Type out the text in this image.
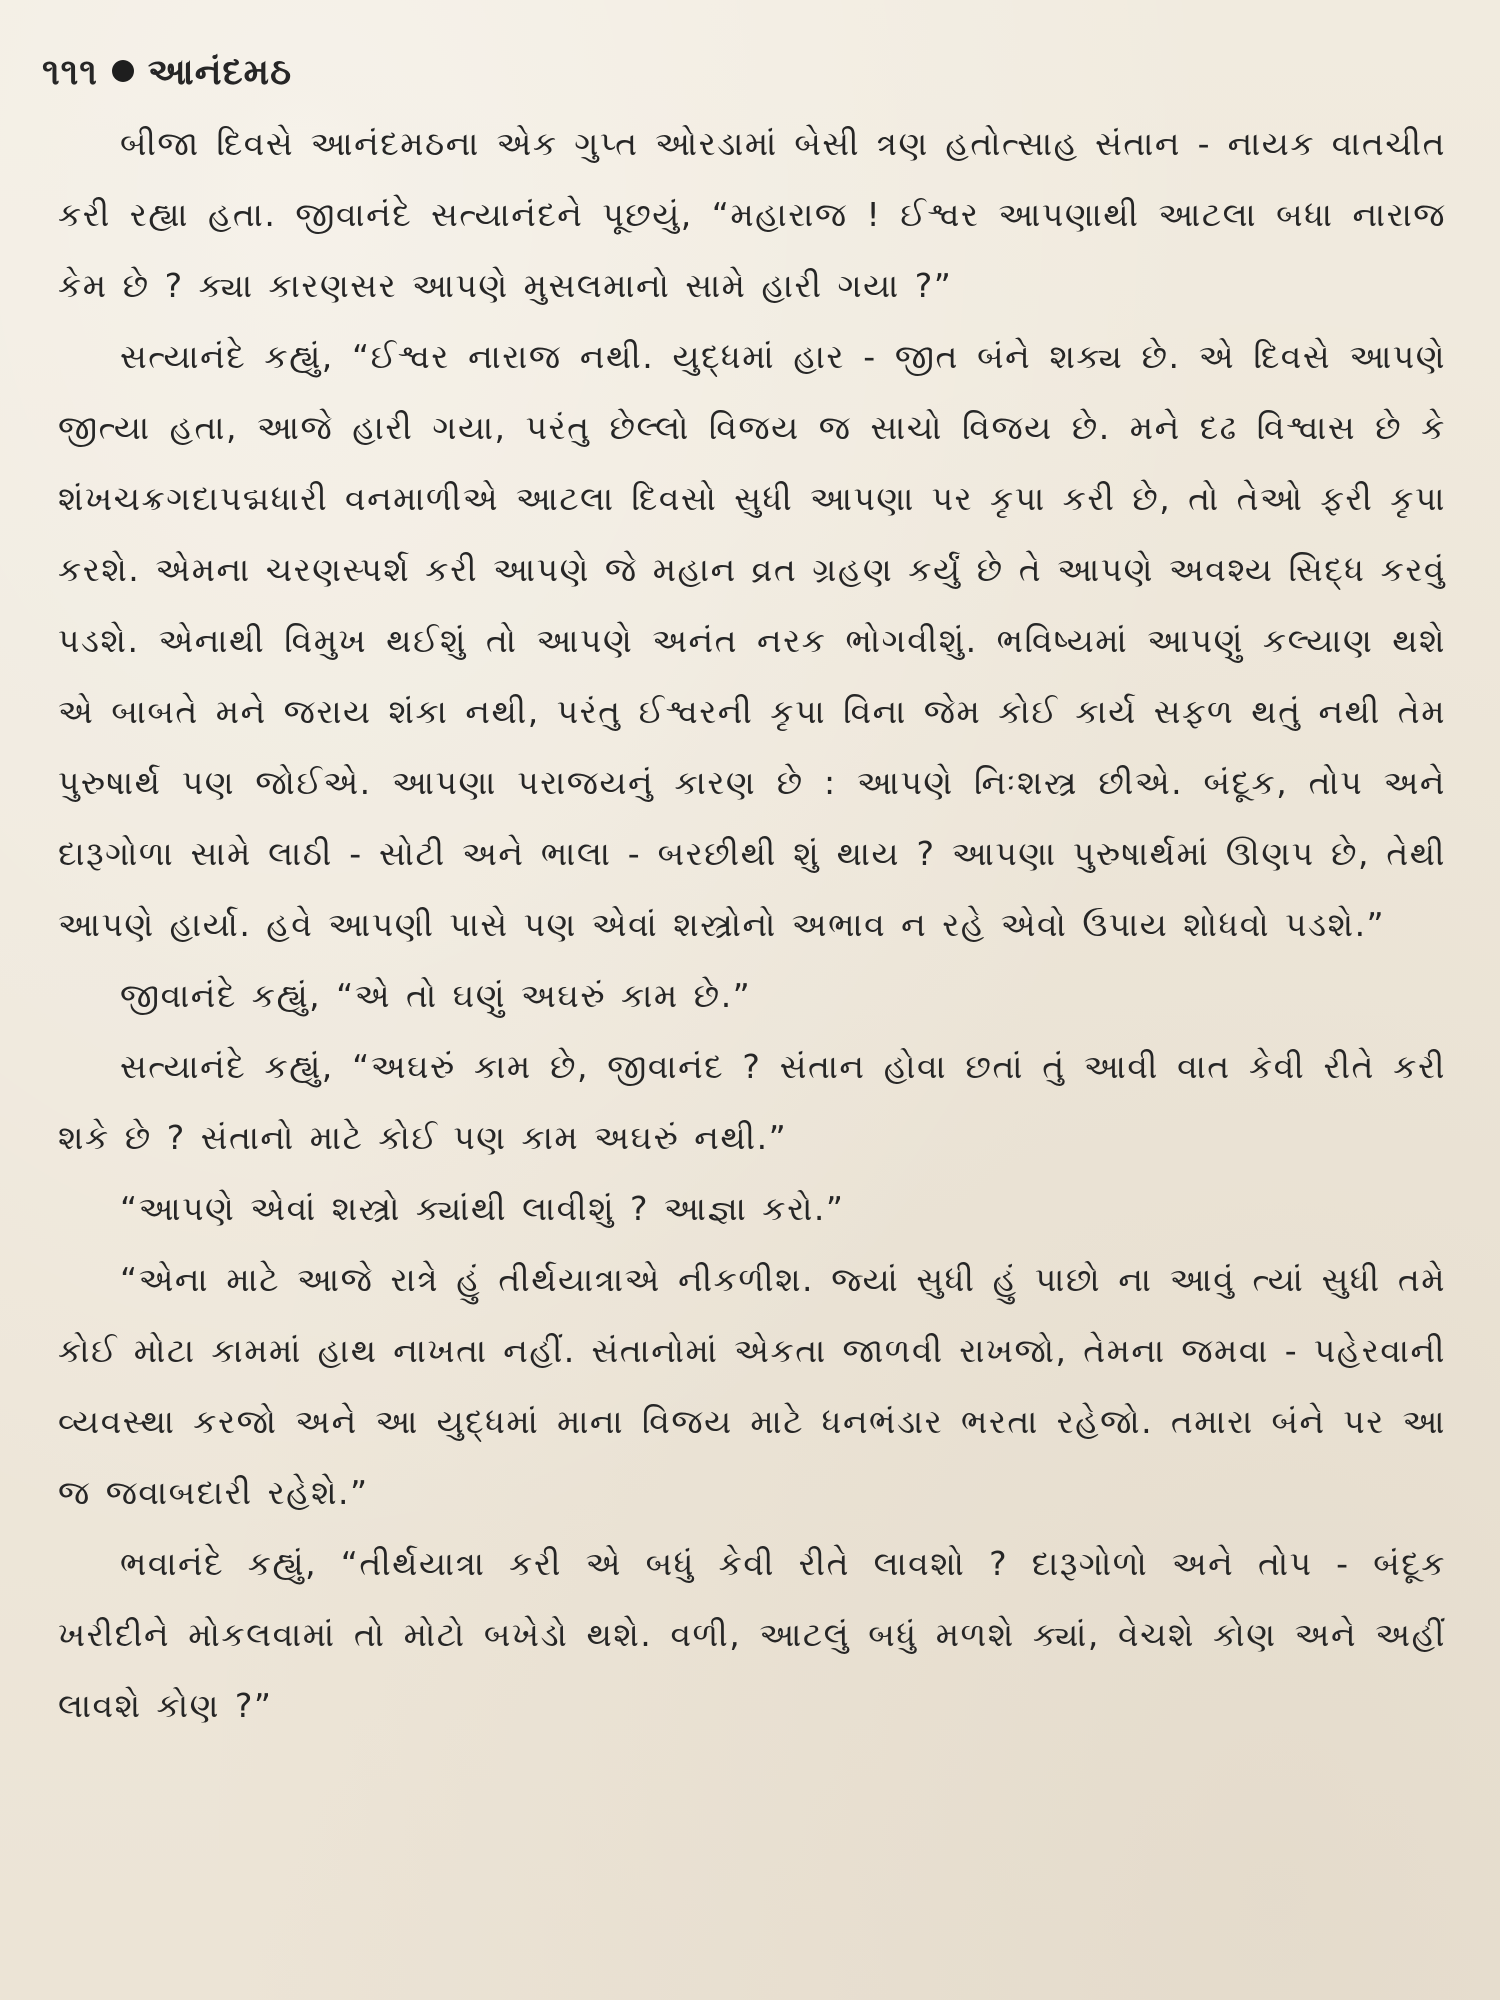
૧૧૧ આનંદમઠ

બીજા દિવસે આનંદમઠના એક ગુપ્ત ઓરડામાં બેસી ત્રણ હતોત્સાહ સંતાન - નાયક વાતચીત કરી રહ્યા હતા. જીવાનંદે સત્યાનંદને પૂછયું, “મહારાજ ! ઈશ્વર આપણાથી આટલા બધા નારાજ કેમ છે ? ક્યા કારણસર આપણે મુસલમાનો સામે હારી ગયા ?”

સત્યાનંદે કહ્યું, “ઈશ્વર નારાજ નથી. યુદ્ધમાં હાર - જીત બંને શક્ય છે. એ દિવસે આપણે જીત્યા હતા, આજે હારી ગયા, પરંતુ છેલ્લો વિજય જ સાચો વિજય છે. મને દઢ વિશ્વાસ છે કે શંખચક્રગદાપદ્મધારી વનમાળીએ આટલા દિવસો સુધી આપણા પર કૃપા કરી છે, તો તેઓ ફરી કૃપા કરશે. એમના ચરણસ્પર્શ કરી આપણે જે મહાન વ્રત ગ્રહણ કર્યું છે તે આપણે અવશ્ય સિદ્ધ કરવું પડશે. એનાથી વિમુખ થઈશું તો આપણે અનંત નરક ભોગવીશું. ભવિષ્યમાં આપણું કલ્યાણ થશે એ બાબતે મને જરાય શંકા નથી, પરંતુ ઈશ્વરની કૃપા વિના જેમ કોઈ કાર્ય સફળ થતું નથી તેમ પુરુષાર્થ પણ જોઈએ. આપણા પરાજયનું કારણ છે : આપણે નિઃશસ્ત્ર છીએ. બંદૂક, તોપ અને દારૂગોળા સામે લાઠી - સોટી અને ભાલા - બરછીથી શું થાય ? આપણા પુરુષાર્થમાં ઊણપ છે, તેથી આપણે હાર્યા. હવે આપણી પાસે પણ એવાં શસ્ત્રોનો અભાવ ન રહે એવો ઉપાય શોધવો પડશે.”

જીવાનંદે કહ્યું, “એ તો ઘણું અઘરું કામ છે.”

સત્યાનંદે કહ્યું, “અઘરું કામ છે, જીવાનંદ ? સંતાન હોવા છતાં તું આવી વાત કેવી રીતે કરી શકે છે ? સંતાનો માટે કોઈ પણ કામ અઘરું નથી.”

“આપણે એવાં શસ્ત્રો ક્યાંથી લાવીશું ? આજ્ઞા કરો.”

“એના માટે આજે રાત્રે હું તીર્થયાત્રાએ નીકળીશ. જ્યાં સુધી હું પાછો ના આવું ત્યાં સુધી તમે કોઈ મોટા કામમાં હાથ નાખતા નહીં. સંતાનોમાં એકતા જાળવી રાખજો, તેમના જમવા - પહેરવાની વ્યવસ્થા કરજો અને આ યુદ્ધમાં માના વિજય માટે ધનભંડાર ભરતા રહેજો. તમારા બંને પર આ જ જવાબદારી રહેશે.”

ભવાનંદે કહ્યું, “તીર્થયાત્રા કરી એ બધું કેવી રીતે લાવશો ? દારૂગોળો અને તોપ - બંદૂક ખરીદીને મોકલવામાં તો મોટો બખેડો થશે. વળી, આટલું બધું મળશે ક્યાં, વેચશે કોણ અને અહીં લાવશે કોણ ?”
